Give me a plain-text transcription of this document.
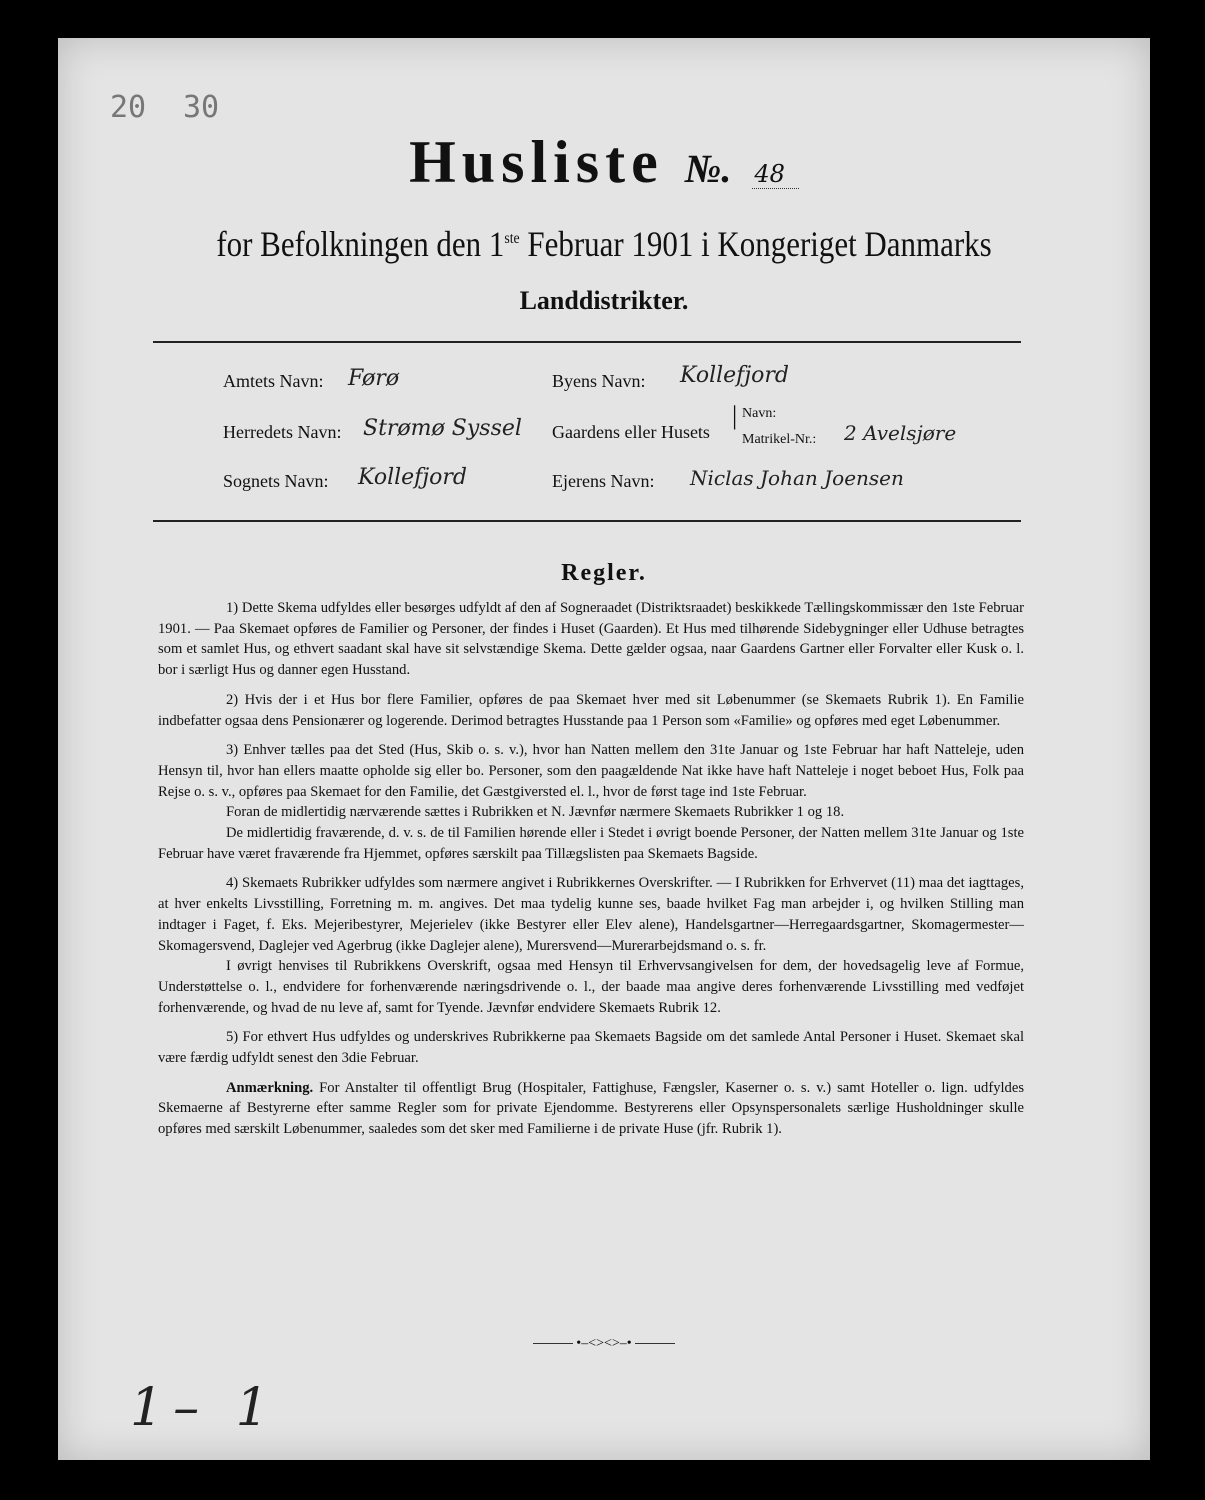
20 30
Husliste №. 48
for Befolkningen den 1ste Februar 1901 i Kongeriget Danmarks
Landdistrikter.
Amtets Navn: Førø
Herredets Navn: Strømø Syssel
Sognets Navn: Kollefjord
Byens Navn: Kollefjord
Gaardens eller Husets
| Navn:
Matrikel-Nr.: 2 Avelsjøre
Ejerens Navn: Niclas Johan Joensen
Regler.

1) Dette Skema udfyldes eller besørges udfyldt af den af Sogneraadet (Distriktsraadet) beskikkede Tællingskommissær den 1ste Februar 1901. — Paa Skemaet opføres de Familier og Personer, der findes i Huset (Gaarden). Et Hus med tilhørende Sidebygninger eller Udhuse betragtes som et samlet Hus, og ethvert saadant skal have sit selvstændige Skema. Dette gælder ogsaa, naar Gaardens Gartner eller Forvalter eller Kusk o. l. bor i særligt Hus og danner egen Husstand.

2) Hvis der i et Hus bor flere Familier, opføres de paa Skemaet hver med sit Løbenummer (se Skemaets Rubrik 1). En Familie indbefatter ogsaa dens Pensionærer og logerende. Derimod betragtes Husstande paa 1 Person som «Familie» og opføres med eget Løbenummer.

3) Enhver tælles paa det Sted (Hus, Skib o. s. v.), hvor han Natten mellem den 31te Januar og 1ste Februar har haft Natteleje, uden Hensyn til, hvor han ellers maatte opholde sig eller bo. Personer, som den paagældende Nat ikke have haft Natteleje i noget beboet Hus, Folk paa Rejse o. s. v., opføres paa Skemaet for den Familie, det Gæstgiversted el. l., hvor de først tage ind 1ste Februar.

Foran de midlertidig nærværende sættes i Rubrikken et N. Jævnfør nærmere Skemaets Rubrikker 1 og 18.

De midlertidig fraværende, d. v. s. de til Familien hørende eller i Stedet i øvrigt boende Personer, der Natten mellem 31te Januar og 1ste Februar have været fraværende fra Hjemmet, opføres særskilt paa Tillægslisten paa Skemaets Bagside.

4) Skemaets Rubrikker udfyldes som nærmere angivet i Rubrikkernes Overskrifter. — I Rubrikken for Erhvervet (11) maa det iagttages, at hver enkelts Livsstilling, Forretning m. m. angives. Det maa tydelig kunne ses, baade hvilket Fag man arbejder i, og hvilken Stilling man indtager i Faget, f. Eks. Mejeribestyrer, Mejerielev (ikke Bestyrer eller Elev alene), Handelsgartner—Herregaardsgartner, Skomagermester—Skomagersvend, Daglejer ved Agerbrug (ikke Daglejer alene), Murersvend—Murerarbejdsmand o. s. fr.

I øvrigt henvises til Rubrikkens Overskrift, ogsaa med Hensyn til Erhvervsangivelsen for dem, der hovedsagelig leve af Formue, Understøttelse o. l., endvidere for forhenværende næringsdrivende o. l., der baade maa angive deres forhenværende Livsstilling med vedføjet forhenværende, og hvad de nu leve af, samt for Tyende. Jævnfør endvidere Skemaets Rubrik 12.

5) For ethvert Hus udfyldes og underskrives Rubrikkerne paa Skemaets Bagside om det samlede Antal Personer i Huset. Skemaet skal være færdig udfyldt senest den 3die Februar.

Anmærkning. For Anstalter til offentligt Brug (Hospitaler, Fattighuse, Fængsler, Kaserner o. s. v.) samt Hoteller o. lign. udfyldes Skemaerne af Bestyrerne efter samme Regler som for private Ejendomme. Bestyrerens eller Opsynspersonalets særlige Husholdninger skulle opføres med særskilt Løbenummer, saaledes som det sker med Familierne i de private Huse (jfr. Rubrik 1).

•–<><>–•
1– 1
